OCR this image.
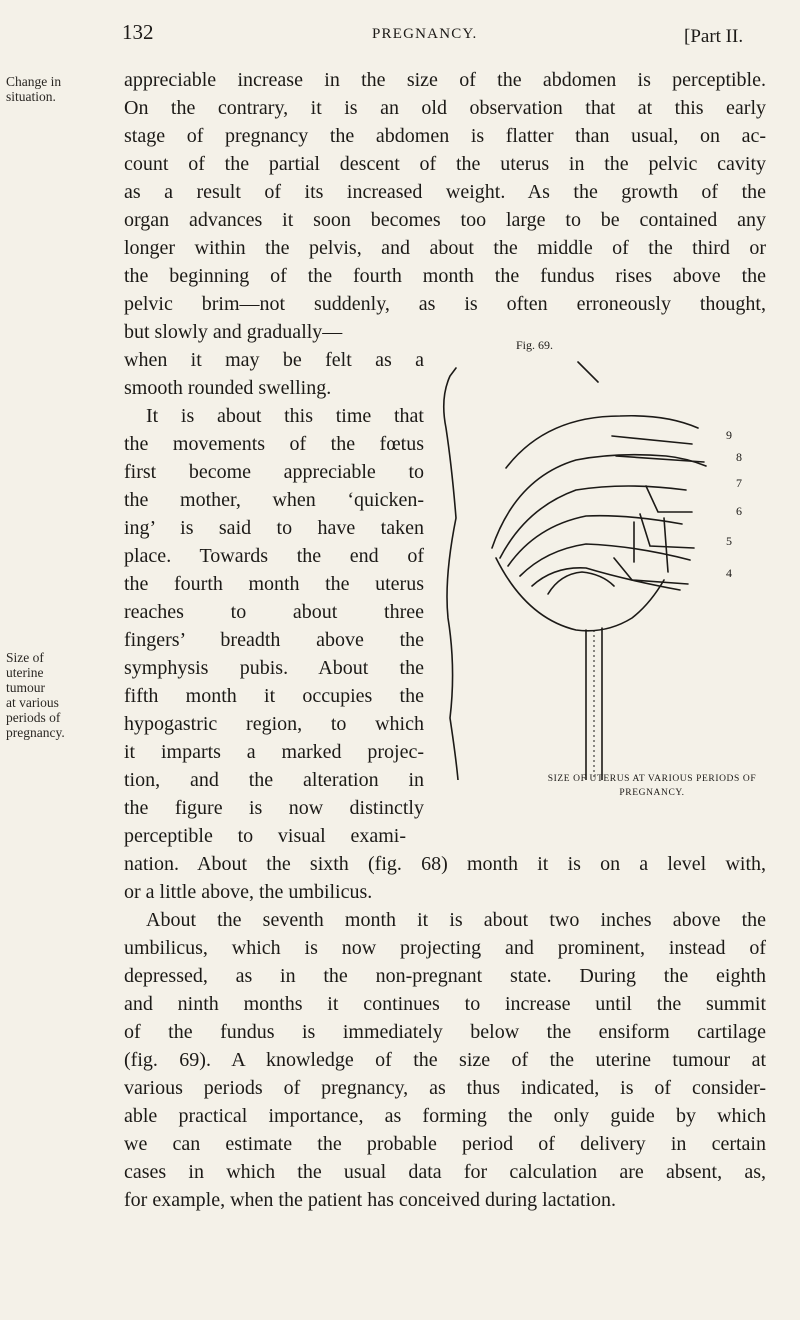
132	PREGNANCY.	[Part II.
Change in
situation.
Size of
uterine
tumour
at various
periods of
pregnancy.
appreciable increase in the size of the abdomen is perceptible.
On the contrary, it is an old observation that at this early
stage of pregnancy the abdomen is flatter than usual, on ac-
count of the partial descent of the uterus in the pelvic cavity
as a result of its increased weight. As the growth of the
organ advances it soon becomes too large to be contained any
longer within the pelvis, and about the middle of the third or
the beginning of the fourth month the fundus rises above the
pelvic brim—not suddenly, as is often erroneously thought,
but slowly and gradually—
when it may be felt as a
smooth rounded swelling.
It is about this time that
the movements of the fœtus
first become appreciable to
the mother, when ‘quicken-
ing’ is said to have taken
place. Towards the end of
the fourth month the uterus
reaches to about three
fingers’ breadth above the
symphysis pubis. About the
fifth month it occupies the
hypogastric region, to which
it imparts a marked projec-
tion, and the alteration in
the figure is now distinctly
perceptible to visual exami-
nation. About the sixth (fig. 68) month it is on a level with,
or a little above, the umbilicus.
About the seventh month it is about two inches above the
umbilicus, which is now projecting and prominent, instead of
depressed, as in the non-pregnant state. During the eighth
and ninth months it continues to increase until the summit
of the fundus is immediately below the ensiform cartilage
(fig. 69). A knowledge of the size of the uterine tumour at
various periods of pregnancy, as thus indicated, is of consider-
able practical importance, as forming the only guide by which
we can estimate the probable period of delivery in certain
cases in which the usual data for calculation are absent, as,
for example, when the patient has conceived during lactation.
Fig. 69.
9
8
7
6
5
4
SIZE OF UTERUS AT VARIOUS PERIODS OF
PREGNANCY.
